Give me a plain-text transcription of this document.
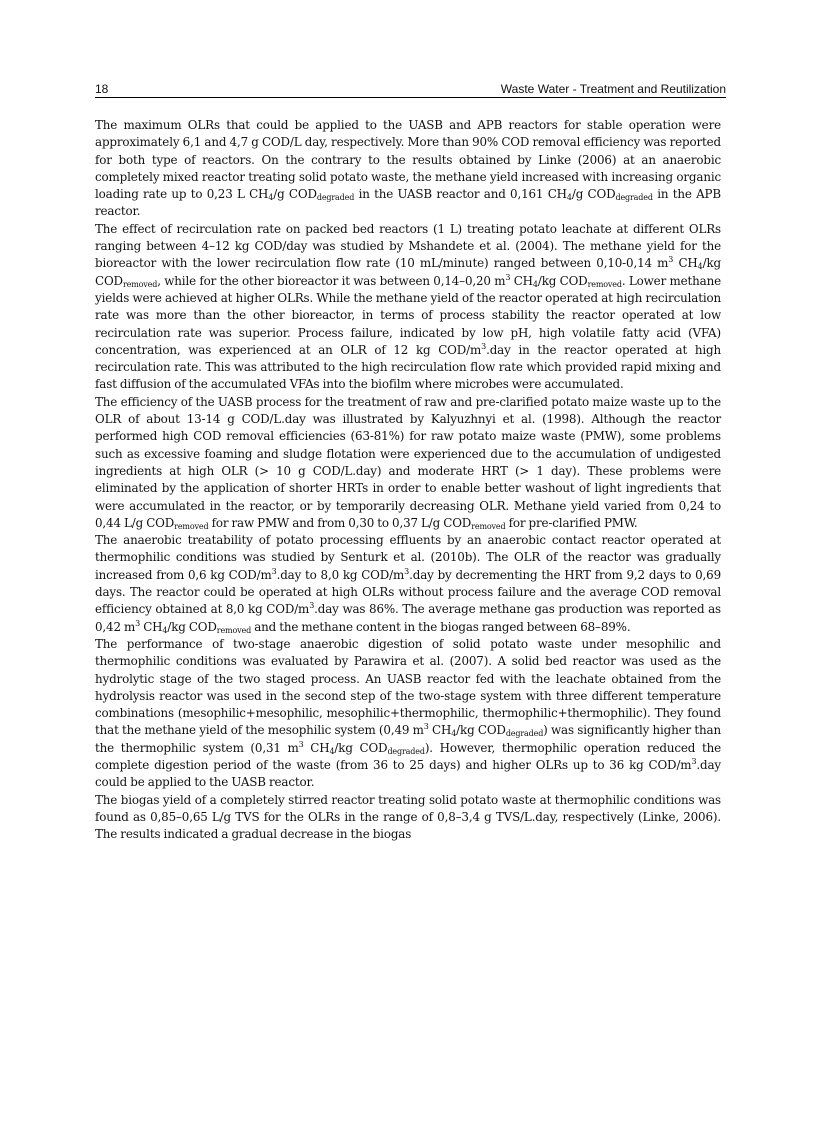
18	Waste Water - Treatment and Reutilization

The maximum OLRs that could be applied to the UASB and APB reactors for stable operation were approximately 6,1 and 4,7 g COD/L day, respectively. More than 90% COD removal efficiency was reported for both type of reactors. On the contrary to the results obtained by Linke (2006) at an anaerobic completely mixed reactor treating solid potato waste, the methane yield increased with increasing organic loading rate up to 0,23 L $CH_4/g$ $COD_{degraded}$ in the UASB reactor and 0,161 $CH_4/g$ $COD_{degraded}$ in the APB reactor.

The effect of recirculation rate on packed bed reactors (1 L) treating potato leachate at different OLRs ranging between 4–12 kg COD/day was studied by Mshandete et al. (2004). The methane yield for the bioreactor with the lower recirculation flow rate (10 mL/minute) ranged between 0,10-0,14 $m^3$ $CH_4/kg$ $COD_{removed}$, while for the other bioreactor it was between 0,14–0,20 $m^3$ $CH_4/kg$ $COD_{removed}$. Lower methane yields were achieved at higher OLRs. While the methane yield of the reactor operated at high recirculation rate was more than the other bioreactor, in terms of process stability the reactor operated at low recirculation rate was superior. Process failure, indicated by low pH, high volatile fatty acid (VFA) concentration, was experienced at an OLR of 12 kg COD/$m^3.day$ in the reactor operated at high recirculation rate. This was attributed to the high recirculation flow rate which provided rapid mixing and fast diffusion of the accumulated VFAs into the biofilm where microbes were accumulated.

The efficiency of the UASB process for the treatment of raw and pre-clarified potato maize waste up to the OLR of about 13-14 g COD/L.day was illustrated by Kalyuzhnyi et al. (1998). Although the reactor performed high COD removal efficiencies (63-81%) for raw potato maize waste (PMW), some problems such as excessive foaming and sludge flotation were experienced due to the accumulation of undigested ingredients at high OLR (> 10 g COD/L.day) and moderate HRT (> 1 day). These problems were eliminated by the application of shorter HRTs in order to enable better washout of light ingredients that were accumulated in the reactor, or by temporarily decreasing OLR. Methane yield varied from 0,24 to 0,44 L/g $COD_{removed}$ for raw PMW and from 0,30 to 0,37 L/g $COD_{removed}$ for pre-clarified PMW.

The anaerobic treatability of potato processing effluents by an anaerobic contact reactor operated at thermophilic conditions was studied by Senturk et al. (2010b). The OLR of the reactor was gradually increased from 0,6 kg COD/$m^3.day$ to 8,0 kg COD/$m^3.day$ by decrementing the HRT from 9,2 days to 0,69 days. The reactor could be operated at high OLRs without process failure and the average COD removal efficiency obtained at 8,0 kg COD/$m^3.day$ was 86%. The average methane gas production was reported as 0,42 $m^3$ $CH_4/kg$ $COD_{removed}$ and the methane content in the biogas ranged between 68–89%.

The performance of two-stage anaerobic digestion of solid potato waste under mesophilic and thermophilic conditions was evaluated by Parawira et al. (2007). A solid bed reactor was used as the hydrolytic stage of the two staged process. An UASB reactor fed with the leachate obtained from the hydrolysis reactor was used in the second step of the two-stage system with three different temperature combinations (mesophilic+mesophilic, mesophilic+thermophilic, thermophilic+thermophilic). They found that the methane yield of the mesophilic system (0,49 $m^3$ $CH_4/kg$ $COD_{degraded}$) was significantly higher than the thermophilic system (0,31 $m^3$ $CH_4/kg$ $COD_{degraded}$). However, thermophilic operation reduced the complete digestion period of the waste (from 36 to 25 days) and higher OLRs up to 36 kg COD/$m^3.day$ could be applied to the UASB reactor.

The biogas yield of a completely stirred reactor treating solid potato waste at thermophilic conditions was found as 0,85–0,65 L/g TVS for the OLRs in the range of 0,8–3,4 g TVS/L.day, respectively (Linke, 2006). The results indicated a gradual decrease in the biogas
